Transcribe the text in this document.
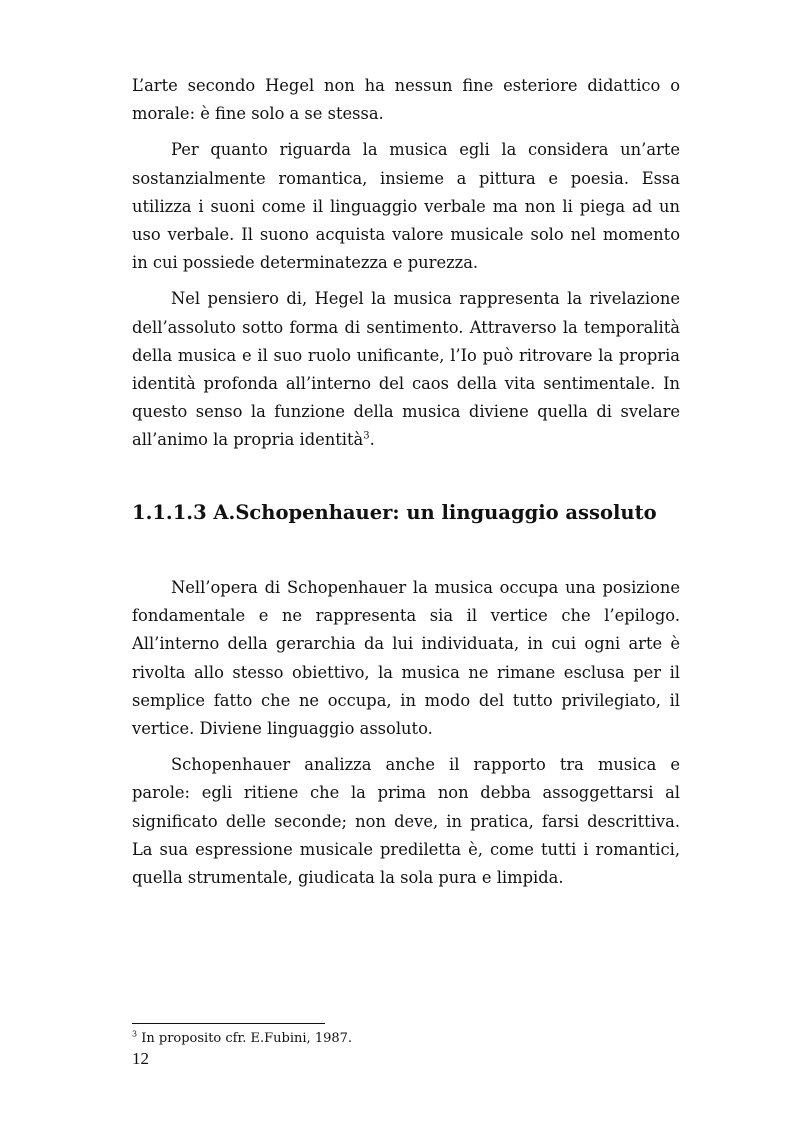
L’arte secondo Hegel non ha nessun fine esteriore didattico o morale: è fine solo a se stessa.

Per quanto riguarda la musica egli la considera un’arte sostanzialmente romantica, insieme a pittura e poesia. Essa utilizza i suoni come il linguaggio verbale ma non li piega ad un uso verbale. Il suono acquista valore musicale solo nel momento in cui possiede determinatezza e purezza.

Nel pensiero di, Hegel la musica rappresenta la rivelazione dell’assoluto sotto forma di sentimento. Attraverso la temporalità della musica e il suo ruolo unificante, l’Io può ritrovare la propria identità profonda all’interno del caos della vita sentimentale. In questo senso la funzione della musica diviene quella di svelare all’animo la propria identità$^3$.

1.1.1.3 A.Schopenhauer: un linguaggio assoluto

Nell’opera di Schopenhauer la musica occupa una posizione fondamentale e ne rappresenta sia il vertice che l’epilogo. All’interno della gerarchia da lui individuata, in cui ogni arte è rivolta allo stesso obiettivo, la musica ne rimane esclusa per il semplice fatto che ne occupa, in modo del tutto privilegiato, il vertice. Diviene linguaggio assoluto.

Schopenhauer analizza anche il rapporto tra musica e parole: egli ritiene che la prima non debba assoggettarsi al significato delle seconde; non deve, in pratica, farsi descrittiva. La sua espressione musicale prediletta è, come tutti i romantici, quella strumentale, giudicata la sola pura e limpida.

$^3$ In proposito cfr. E.Fubini, 1987.

12
